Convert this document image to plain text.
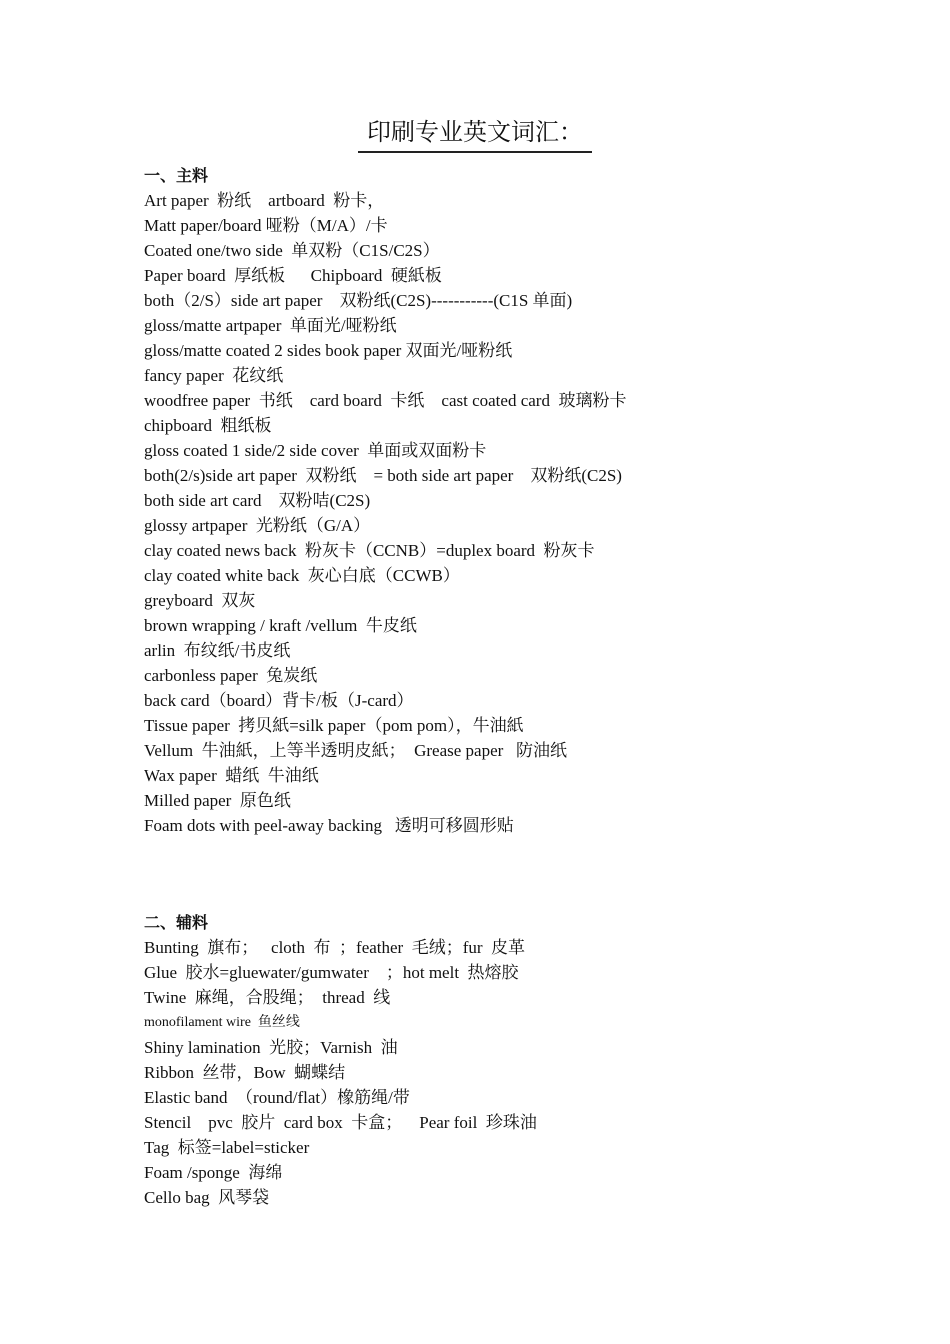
印刷专业英文词汇：
一、主料
Art paper  粉纸    artboard  粉卡，
Matt paper/board 哑粉（M/A）/卡
Coated one/two side  单双粉（C1S/C2S）
Paper board  厚纸板      Chipboard  硬紙板
both（2/S）side art paper    双粉纸(C2S)-----------(C1S 单面)
gloss/matte artpaper  单面光/哑粉纸
gloss/matte coated 2 sides book paper 双面光/哑粉纸
fancy paper  花纹纸
woodfree paper  书纸    card board  卡纸    cast coated card  玻璃粉卡
chipboard  粗纸板
gloss coated 1 side/2 side cover  单面或双面粉卡
both(2/s)side art paper  双粉纸    = both side art paper    双粉纸(C2S)
both side art card    双粉咭(C2S)
glossy artpaper  光粉纸（G/A）
clay coated news back  粉灰卡（CCNB）=duplex board  粉灰卡
clay coated white back  灰心白底（CCWB）
greyboard  双灰
brown wrapping / kraft /vellum  牛皮纸
arlin  布纹纸/书皮纸
carbonless paper  兔炭纸
back card（board）背卡/板（J-card）
Tissue paper  拷贝紙=silk paper（pom pom），牛油紙
Vellum  牛油紙，上等半透明皮紙；  Grease paper   防油纸
Wax paper  蜡纸  牛油纸
Milled paper  原色纸
Foam dots with peel-away backing   透明可移圆形贴
二、辅料
Bunting  旗布；   cloth  布  ；feather  毛绒；fur  皮革
Glue  胶水=gluewater/gumwater    ；hot melt  热熔胶
Twine  麻绳，合股绳；  thread  线
monofilament wire  鱼丝线
Shiny lamination  光胶；Varnish  油
Ribbon  丝带，Bow  蝴蝶结
Elastic band  （round/flat）橡筋绳/带
Stencil    pvc  胶片  card box  卡盒；    Pear foil  珍珠油
Tag  标签=label=sticker
Foam /sponge  海绵
Cello bag  风琴袋
